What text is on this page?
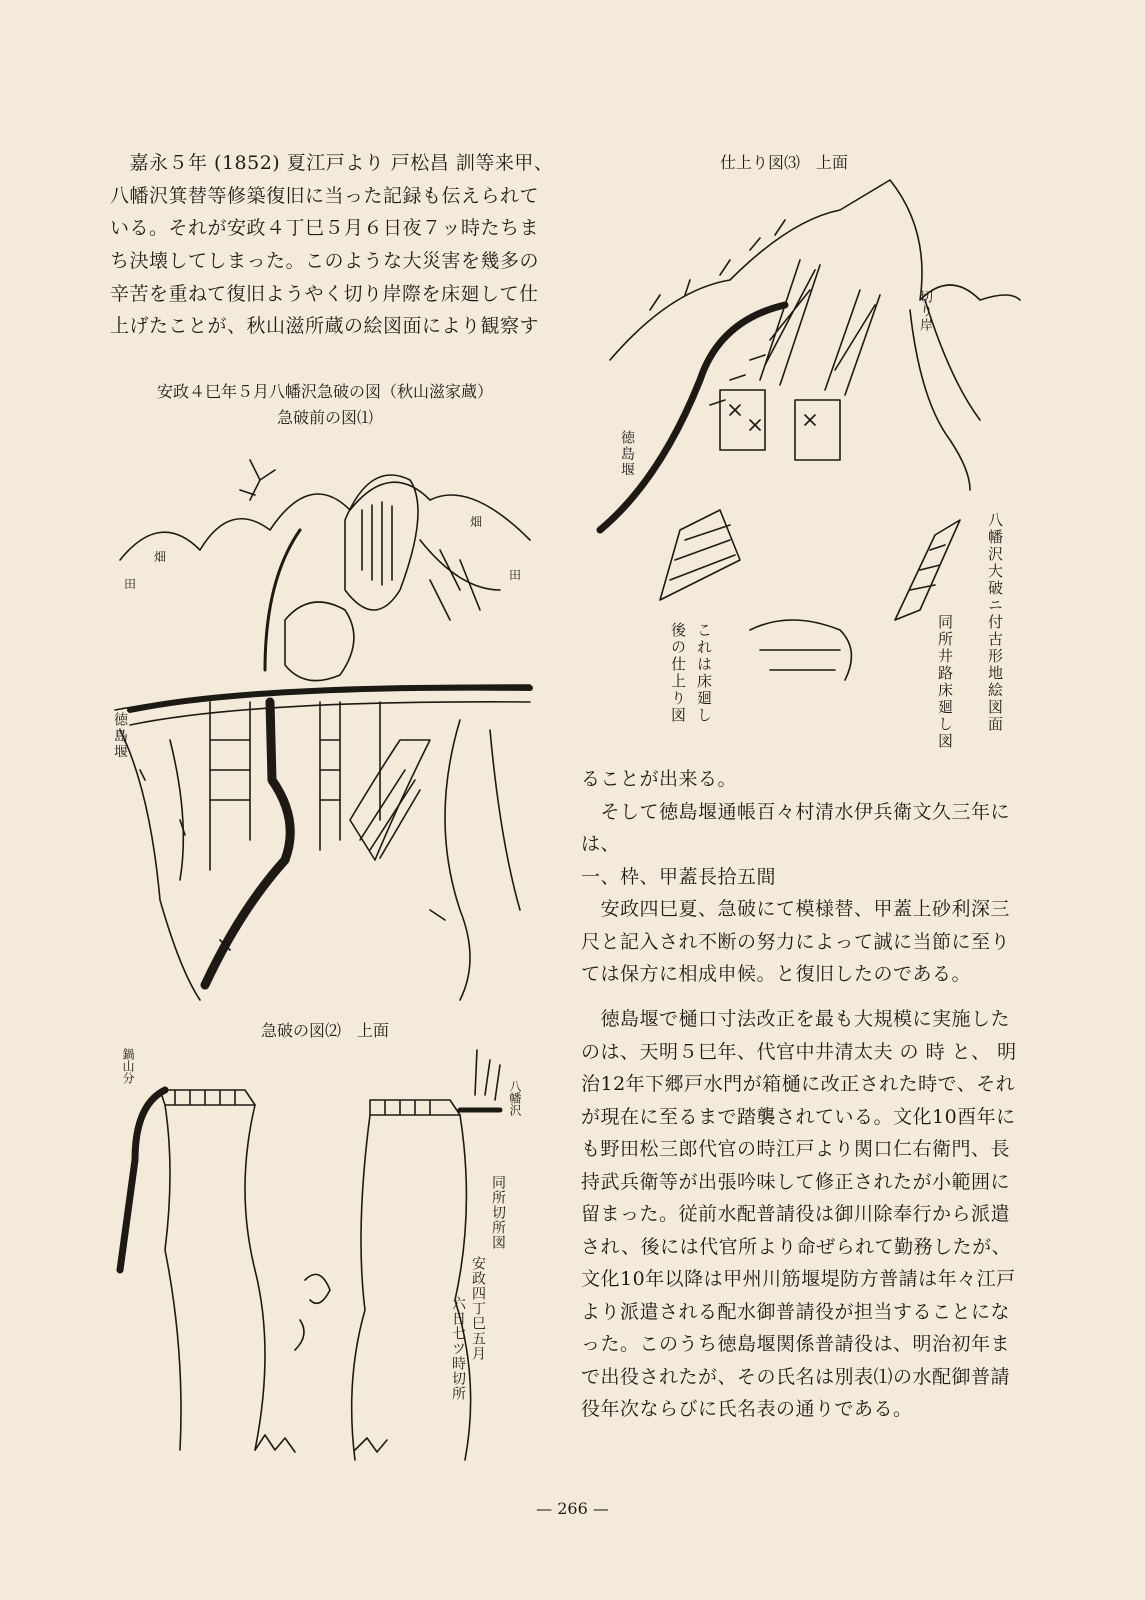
　嘉永５年 (1852) 夏江戸より 戸松昌 訓等来甲、

八幡沢箕替等修築復旧に当った記録も伝えられて

いる。それが安政４丁巳５月６日夜７ッ時たちま

ち決壊してしまった。このような大災害を幾多の

辛苦を重ねて復旧ようやく切り岸際を床廻して仕

上げたことが、秋山滋所蔵の絵図面により観察す

安政４巳年５月八幡沢急破の図（秋山滋家蔵）

急破前の図⑴

徳島堰
田
畑
畑
田

急破の図⑵　上面

鍋山分
八幡沢
同所切所図
安政四丁巳五月
六日七ツ時切所

仕上り図⑶　上面

切り岸
徳島堰
これは床廻し
後の仕上り図	八幡沢大破ニ付古形地絵図面
同所井路床廻し図

ることが出来る。

　そして徳島堰通帳百々村清水伊兵衛文久三年に

は、

一、枠、甲蓋長拾五間

　安政四巳夏、急破にて模様替、甲蓋上砂利深三

尺と記入され不断の努力によって誠に当節に至り

ては保方に相成申候。と復旧したのである。

　徳島堰で樋口寸法改正を最も大規模に実施した

のは、天明５巳年、代官中井清太夫 の 時 と、 明

治12年下郷戸水門が箱樋に改正された時で、それ

が現在に至るまで踏襲されている。文化10酉年に

も野田松三郎代官の時江戸より関口仁右衛門、長

持武兵衛等が出張吟味して修正されたが小範囲に

留まった。従前水配普請役は御川除奉行から派遣

され、後には代官所より命ぜられて勤務したが、

文化10年以降は甲州川筋堰堤防方普請は年々江戸

より派遣される配水御普請役が担当することにな

った。このうち徳島堰関係普請役は、明治初年ま

で出役されたが、その氏名は別表⑴の水配御普請

役年次ならびに氏名表の通りである。

— 266 —
